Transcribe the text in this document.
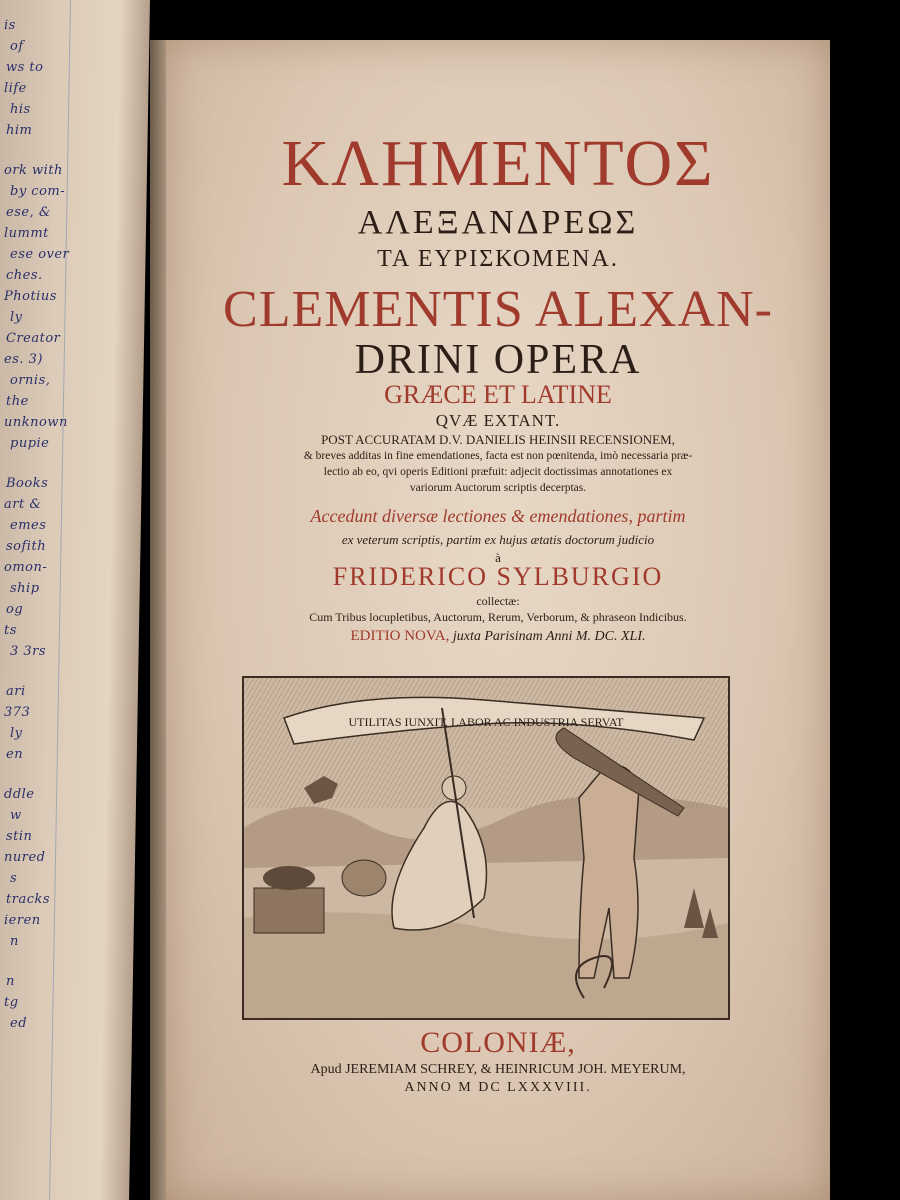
is
of
ws to
life
his
him
ork with
by com-
ese, &
lummt
ese over
ches.
Photius
ly
Creator
es. 3)
ornis,
the
unknown
pupie
Books
art &
emes
sofith
omon-
ship
og
ts
3 3rs
ari
373
ly
en
ddle
w
stin
nured
s
tracks
ieren
n
n
tg
ed
ΚΛΗΜΕΝΤΟΣ
ΑΛΕΞΑΝΔΡΕΩΣ
ΤΑ ΕΥΡΙΣΚΟΜΕΝΑ.
CLEMENTIS ALEXAN-
DRINI OPERA
GRÆCE ET LATINE
QVÆ EXTANT.
POST ACCURATAM D.V. DANIELIS HEINSII RECENSIONEM,
& breves additas in fine emendationes, facta est non pœnitenda, imò necessaria præ-
lectio ab eo, qvi operis Editioni præfuit: adjecit doctissimas annotationes ex
variorum Auctorum scriptis decerptas.
Accedunt diversæ lectiones & emendationes, partim
ex veterum scriptis, partim ex hujus ætatis doctorum judicio
à
FRIDERICO SYLBURGIO
collectæ:
Cum Tribus locupletibus, Auctorum, Rerum, Verborum, & phraseon Indicibus.
EDITIO NOVA, juxta Parisinam Anni M. DC. XLI.
UTILITAS IUNXIT, LABOR AC INDUSTRIA SERVAT
COLONIÆ,
Apud JEREMIAM SCHREY, & HEINRICUM JOH. MEYERUM,
ANNO M DC LXXXVIII.
